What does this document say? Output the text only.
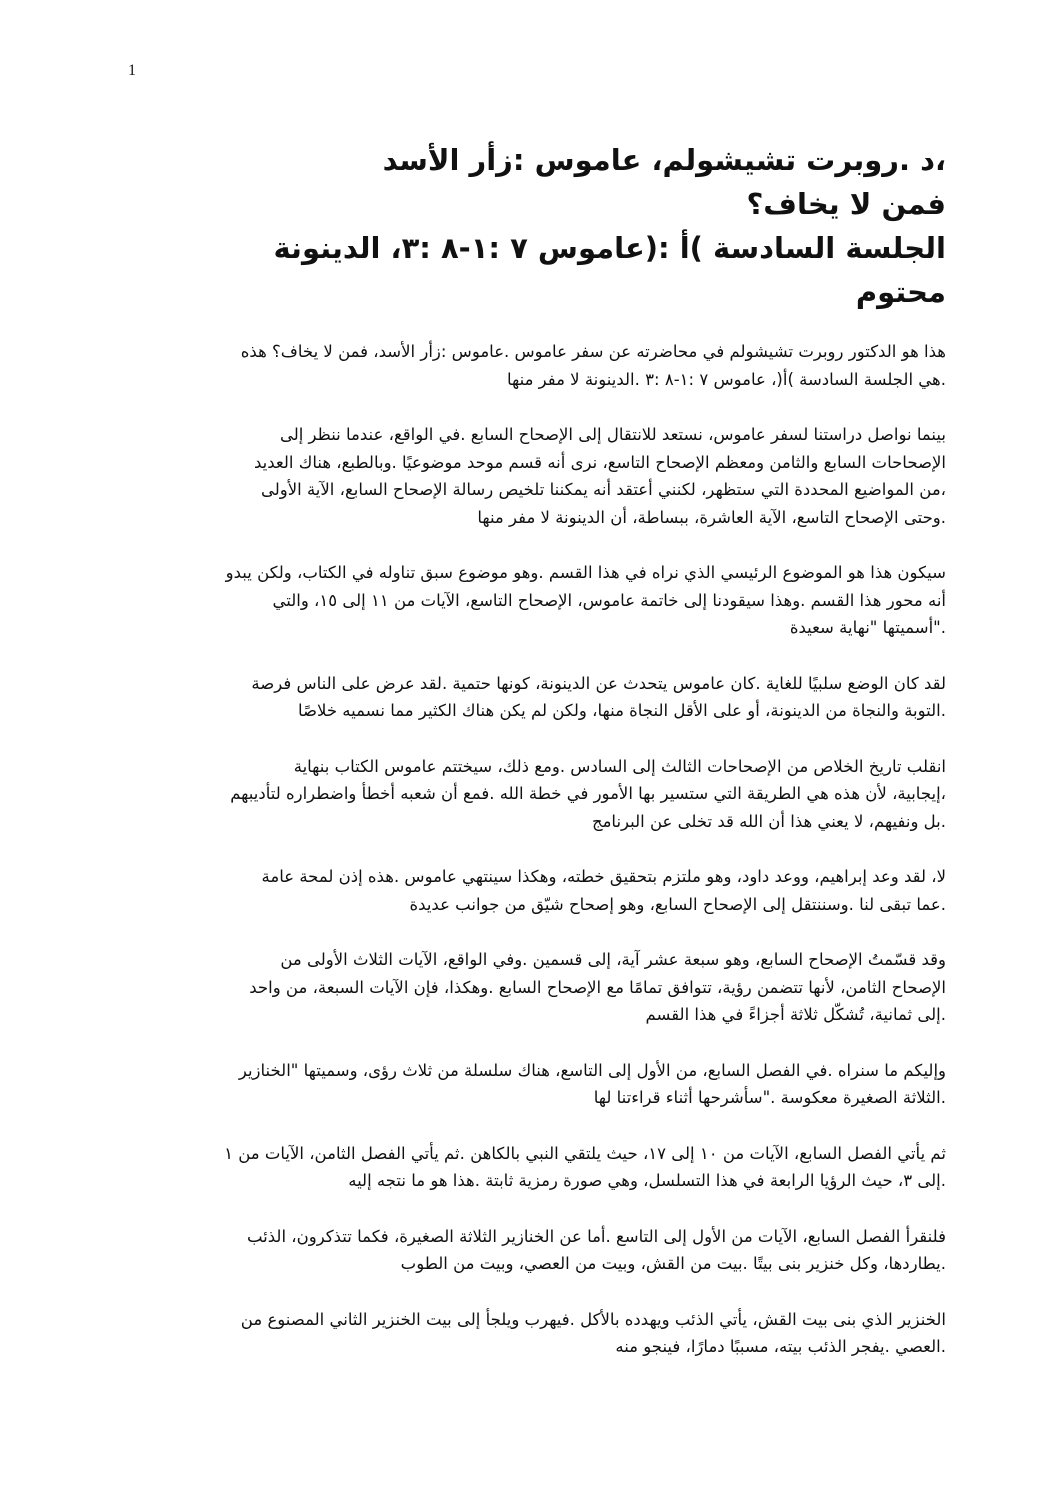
1
،د .روبرت تشيشولم، عاموس :زأر الأسد
فمن لا يخاف؟
الجلسة السادسة )أ :(عاموس ٧ :١-٨ :٣، الدينونة
محتوم
هذا هو الدكتور روبرت تشيشولم في محاضرته عن سفر عاموس .عاموس :زأر الأسد، فمن لا يخاف؟ هذه
.هي الجلسة السادسة )أ(، عاموس ٧ :١-٨ :٣ .الدينونة لا مفر منها
بينما نواصل دراستنا لسفر عاموس، نستعد للانتقال إلى الإصحاح السابع .في الواقع، عندما ننظر إلى
الإصحاحات السابع والثامن ومعظم الإصحاح التاسع، نرى أنه قسم موحد موضوعيًا .وبالطبع، هناك العديد
،من المواضيع المحددة التي ستظهر، لكنني أعتقد أنه يمكننا تلخيص رسالة الإصحاح السابع، الآية الأولى
.وحتى الإصحاح التاسع، الآية العاشرة، ببساطة، أن الدينونة لا مفر منها
سيكون هذا هو الموضوع الرئيسي الذي نراه في هذا القسم .وهو موضوع سبق تناوله في الكتاب، ولكن يبدو
أنه محور هذا القسم .وهذا سيقودنا إلى خاتمة عاموس، الإصحاح التاسع، الآيات من ١١ إلى ١٥، والتي
."أسميتها "نهاية سعيدة
لقد كان الوضع سلبيًا للغاية .كان عاموس يتحدث عن الدينونة، كونها حتمية .لقد عرض على الناس فرصة
.التوبة والنجاة من الدينونة، أو على الأقل النجاة منها، ولكن لم يكن هناك الكثير مما نسميه خلاصًا
انقلب تاريخ الخلاص من الإصحاحات الثالث إلى السادس .ومع ذلك، سيختتم عاموس الكتاب بنهاية
،إيجابية، لأن هذه هي الطريقة التي ستسير بها الأمور في خطة الله .فمع أن شعبه أخطأ واضطراره لتأديبهم
.بل ونفيهم، لا يعني هذا أن الله قد تخلى عن البرنامج
لا، لقد وعد إبراهيم، ووعد داود، وهو ملتزم بتحقيق خطته، وهكذا سينتهي عاموس .هذه إذن لمحة عامة
.عما تبقى لنا .وسننتقل إلى الإصحاح السابع، وهو إصحاح شيّق من جوانب عديدة
وقد قسّمتُ الإصحاح السابع، وهو سبعة عشر آية، إلى قسمين .وفي الواقع، الآيات الثلاث الأولى من
الإصحاح الثامن، لأنها تتضمن رؤية، تتوافق تمامًا مع الإصحاح السابع .وهكذا، فإن الآيات السبعة، من واحد
.إلى ثمانية، تُشكّل ثلاثة أجزاءً في هذا القسم
وإليكم ما سنراه .في الفصل السابع، من الأول إلى التاسع، هناك سلسلة من ثلاث رؤى، وسميتها "الخنازير
.الثلاثة الصغيرة معكوسة ."سأشرحها أثناء قراءتنا لها
ثم يأتي الفصل السابع، الآيات من ١٠ إلى ١٧، حيث يلتقي النبي بالكاهن .ثم يأتي الفصل الثامن، الآيات من ١
.إلى ٣، حيث الرؤيا الرابعة في هذا التسلسل، وهي صورة رمزية ثابتة .هذا هو ما نتجه إليه
فلنقرأ الفصل السابع، الآيات من الأول إلى التاسع .أما عن الخنازير الثلاثة الصغيرة، فكما تتذكرون، الذئب
.يطاردها، وكل خنزير بنى بيتًا .بيت من القش، وبيت من العصي، وبيت من الطوب
الخنزير الذي بنى بيت القش، يأتي الذئب ويهدده بالأكل .فيهرب ويلجأ إلى بيت الخنزير الثاني المصنوع من
.العصي .يفجر الذئب بيته، مسببًا دمارًا، فينجو منه
